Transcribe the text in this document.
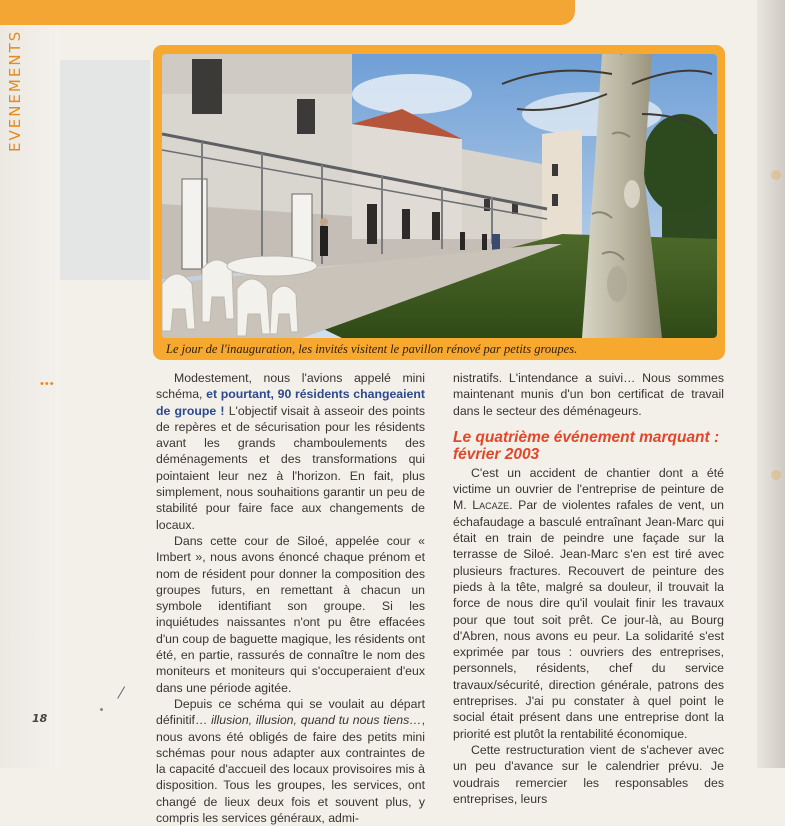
EVENEMENTS
•••
Le jour de l'inauguration, les invités visitent le pavillon rénové par petits groupes.

Modestement, nous l'avions appelé mini schéma, et pourtant, 90 résidents changeaient de groupe ! L'objectif visait à asseoir des points de repères et de sécurisation pour les résidents avant les grands chamboulements des déménagements et des transformations qui pointaient leur nez à l'horizon. En fait, plus simplement, nous souhaitions garantir un peu de stabilité pour faire face aux changements de locaux.

Dans cette cour de Siloé, appelée cour « Imbert », nous avons énoncé chaque prénom et nom de résident pour donner la composition des groupes futurs, en remettant à chacun un symbole identifiant son groupe. Si les inquiétudes naissantes n'ont pu être effacées d'un coup de baguette magique, les résidents ont été, en partie, rassurés de connaître le nom des moniteurs et moniteurs qui s'occuperaient d'eux dans une période agitée.

Depuis ce schéma qui se voulait au départ définitif… illusion, illusion, quand tu nous tiens…, nous avons été obligés de faire des petits mini schémas pour nous adapter aux contraintes de la capacité d'accueil des locaux provisoires mis à disposition. Tous les groupes, les services, ont changé de lieux deux fois et souvent plus, y compris les services généraux, admi-

nistratifs. L'intendance a suivi… Nous sommes maintenant munis d'un bon certificat de travail dans le secteur des déménageurs.

Le quatrième événement marquant : février 2003

C'est un accident de chantier dont a été victime un ouvrier de l'entreprise de peinture de M. Lacaze. Par de violentes rafales de vent, un échafaudage a basculé entraînant Jean-Marc qui était en train de peindre une façade sur la terrasse de Siloé. Jean-Marc s'en est tiré avec plusieurs fractures. Recouvert de peinture des pieds à la tête, malgré sa douleur, il trouvait la force de nous dire qu'il voulait finir les travaux pour que tout soit prêt. Ce jour-là, au Bourg d'Abren, nous avons eu peur. La solidarité s'est exprimée par tous : ouvriers des entreprises, personnels, résidents, chef du service travaux/sécurité, direction générale, patrons des entreprises. J'ai pu constater à quel point le social était présent dans une entreprise dont la priorité est plutôt la rentabilité économique.

Cette restructuration vient de s'achever avec un peu d'avance sur le calendrier prévu. Je voudrais remercier les responsables des entreprises, leurs

18
